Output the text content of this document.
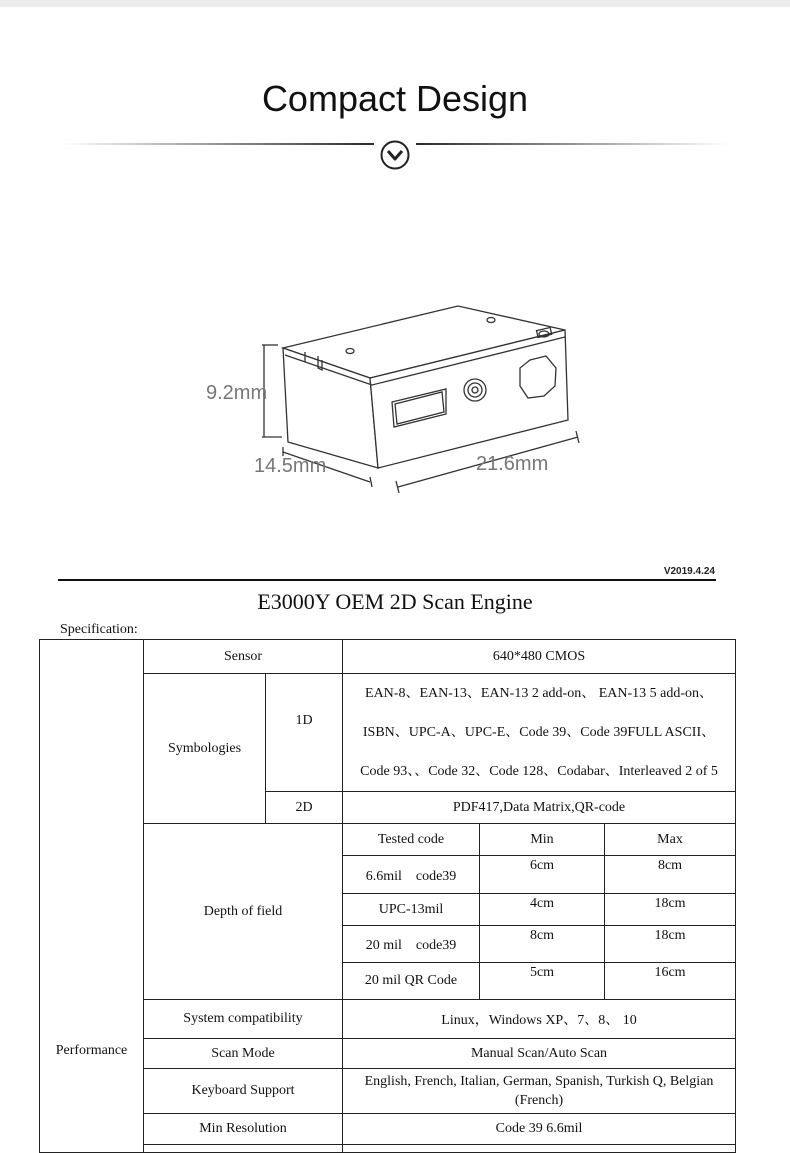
Compact Design
9.2mm
14.5mm	21.6mm
V2019.4.24
E3000Y OEM 2D Scan Engine
Specification:
Performance	Sensor		640*480 CMOS		
	Symbologies	1D	EAN-8、EAN-13、EAN-13 2 add-on、 EAN-13 5 add-on、
ISBN、UPC-A、UPC-E、Code 39、Code 39FULL ASCII、
Code 93、、Code 32、Code 128、Codabar、Interleaved 2 of 5		

		2D	PDF417,Data Matrix,QR-code		
	Depth of field		Tested code	Min	Max
			6.6mil　code39	6cm	8cm
			UPC-13mil	4cm	18cm
			20 mil　code39	8cm	18cm
			20 mil QR Code	5cm	16cm
	System compatibility		Linux，Windows XP、7、8、 10		
	Scan Mode		Manual Scan/Auto Scan		
	Keyboard Support		English, French, Italian, German, Spanish, Turkish Q, Belgian (French)		
	Min Resolution		Code 39 6.6mil		
